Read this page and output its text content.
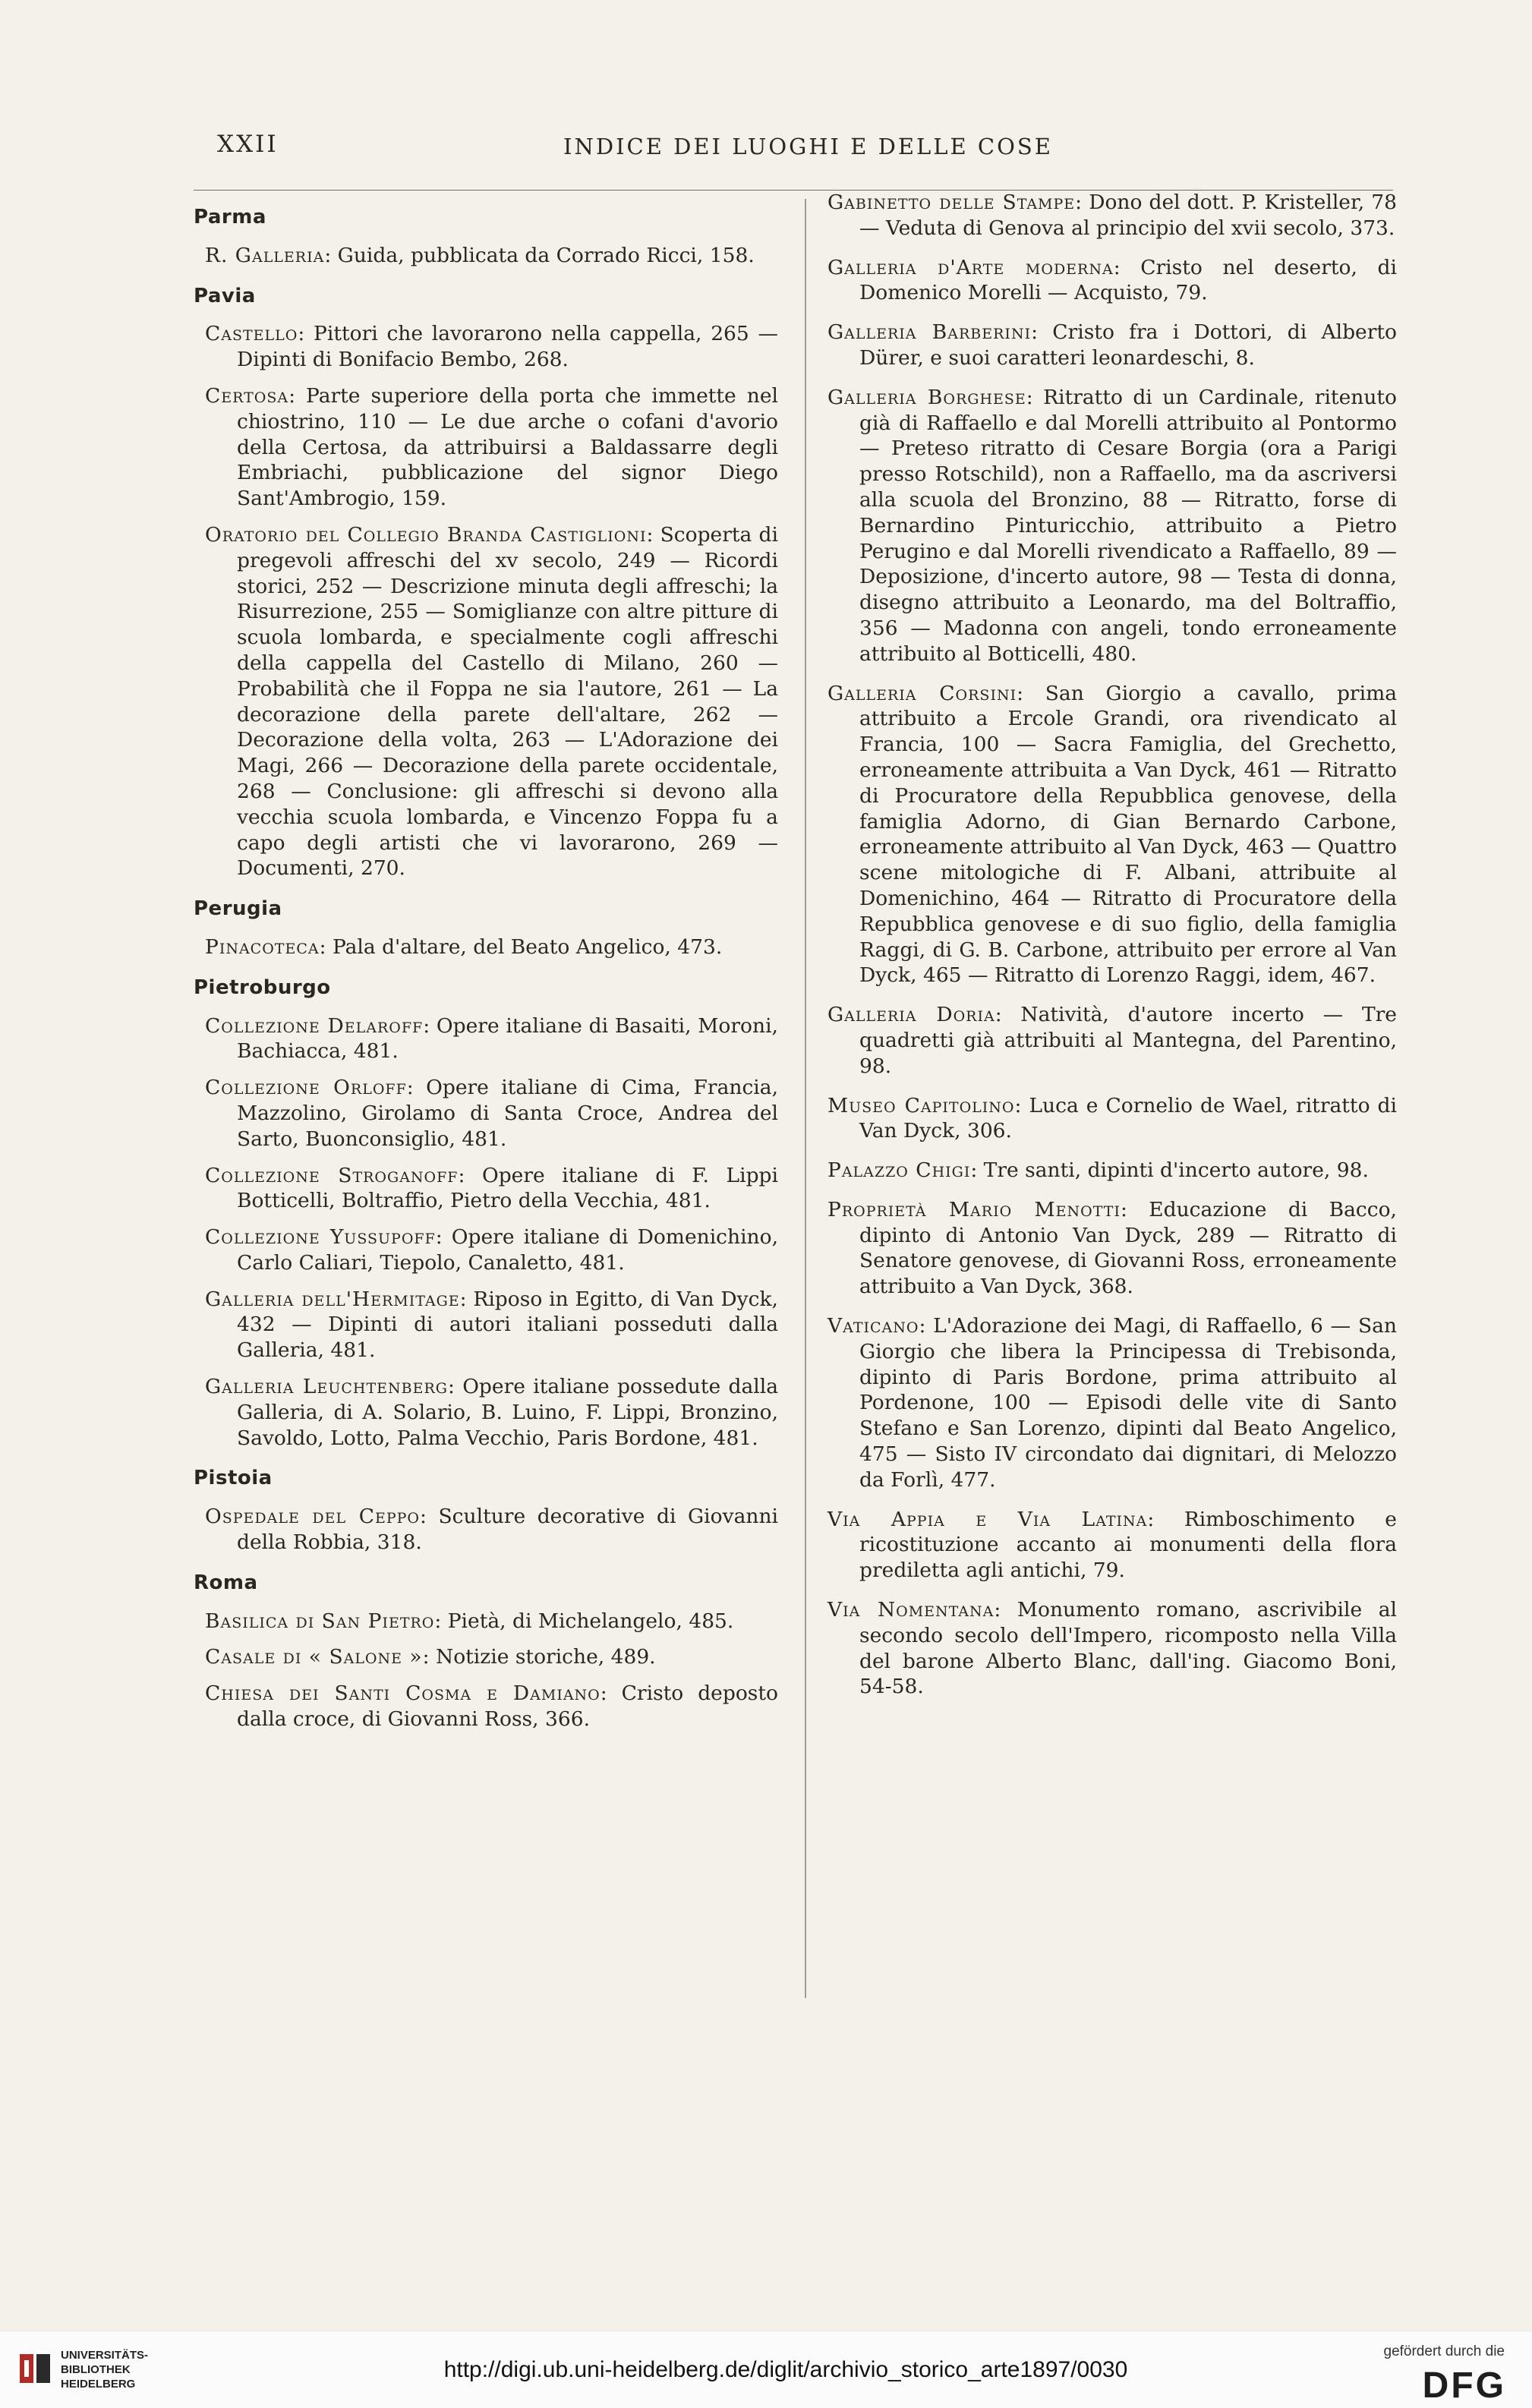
XXII	INDICE DEI LUOGHI E DELLE COSE
Parma

R. Galleria: Guida, pubblicata da Corrado Ricci, 158.

Pavia

Castello: Pittori che lavorarono nella cappella, 265 — Dipinti di Bonifacio Bembo, 268.

Certosa: Parte superiore della porta che immette nel chiostrino, 110 — Le due arche o cofani d'avorio della Certosa, da attribuirsi a Baldassarre degli Embriachi, pubblicazione del signor Diego Sant'Ambrogio, 159.

Oratorio del Collegio Branda Castiglioni: Scoperta di pregevoli affreschi del xv secolo, 249 — Ricordi storici, 252 — Descrizione minuta degli affreschi; la Risurrezione, 255 — Somiglianze con altre pitture di scuola lombarda, e specialmente cogli affreschi della cappella del Castello di Milano, 260 — Probabilità che il Foppa ne sia l'autore, 261 — La decorazione della parete dell'altare, 262 — Decorazione della volta, 263 — L'Adorazione dei Magi, 266 — Decorazione della parete occidentale, 268 — Conclusione: gli affreschi si devono alla vecchia scuola lombarda, e Vincenzo Foppa fu a capo degli artisti che vi lavorarono, 269 — Documenti, 270.

Perugia

Pinacoteca: Pala d'altare, del Beato Angelico, 473.

Pietroburgo

Collezione Delaroff: Opere italiane di Basaiti, Moroni, Bachiacca, 481.

Collezione Orloff: Opere italiane di Cima, Francia, Mazzolino, Girolamo di Santa Croce, Andrea del Sarto, Buonconsiglio, 481.

Collezione Stroganoff: Opere italiane di F. Lippi Botticelli, Boltraffio, Pietro della Vecchia, 481.

Collezione Yussupoff: Opere italiane di Domenichino, Carlo Caliari, Tiepolo, Canaletto, 481.

Galleria dell'Hermitage: Riposo in Egitto, di Van Dyck, 432 — Dipinti di autori italiani posseduti dalla Galleria, 481.

Galleria Leuchtenberg: Opere italiane possedute dalla Galleria, di A. Solario, B. Luino, F. Lippi, Bronzino, Savoldo, Lotto, Palma Vecchio, Paris Bordone, 481.

Pistoia

Ospedale del Ceppo: Sculture decorative di Giovanni della Robbia, 318.

Roma

Basilica di San Pietro: Pietà, di Michelangelo, 485.

Casale di « Salone »: Notizie storiche, 489.

Chiesa dei Santi Cosma e Damiano: Cristo deposto dalla croce, di Giovanni Ross, 366.

Gabinetto delle Stampe: Dono del dott. P. Kristeller, 78 — Veduta di Genova al principio del xvii secolo, 373.

Galleria d'Arte moderna: Cristo nel deserto, di Domenico Morelli — Acquisto, 79.

Galleria Barberini: Cristo fra i Dottori, di Alberto Dürer, e suoi caratteri leonardeschi, 8.

Galleria Borghese: Ritratto di un Cardinale, ritenuto già di Raffaello e dal Morelli attribuito al Pontormo — Preteso ritratto di Cesare Borgia (ora a Parigi presso Rotschild), non a Raffaello, ma da ascriversi alla scuola del Bronzino, 88 — Ritratto, forse di Bernardino Pinturicchio, attribuito a Pietro Perugino e dal Morelli rivendicato a Raffaello, 89 — Deposizione, d'incerto autore, 98 — Testa di donna, disegno attribuito a Leonardo, ma del Boltraffio, 356 — Madonna con angeli, tondo erroneamente attribuito al Botticelli, 480.

Galleria Corsini: San Giorgio a cavallo, prima attribuito a Ercole Grandi, ora rivendicato al Francia, 100 — Sacra Famiglia, del Grechetto, erroneamente attribuita a Van Dyck, 461 — Ritratto di Procuratore della Repubblica genovese, della famiglia Adorno, di Gian Bernardo Carbone, erroneamente attribuito al Van Dyck, 463 — Quattro scene mitologiche di F. Albani, attribuite al Domenichino, 464 — Ritratto di Procuratore della Repubblica genovese e di suo figlio, della famiglia Raggi, di G. B. Carbone, attribuito per errore al Van Dyck, 465 — Ritratto di Lorenzo Raggi, idem, 467.

Galleria Doria: Natività, d'autore incerto — Tre quadretti già attribuiti al Mantegna, del Parentino, 98.

Museo Capitolino: Luca e Cornelio de Wael, ritratto di Van Dyck, 306.

Palazzo Chigi: Tre santi, dipinti d'incerto autore, 98.

Proprietà Mario Menotti: Educazione di Bacco, dipinto di Antonio Van Dyck, 289 — Ritratto di Senatore genovese, di Giovanni Ross, erroneamente attribuito a Van Dyck, 368.

Vaticano: L'Adorazione dei Magi, di Raffaello, 6 — San Giorgio che libera la Principessa di Trebisonda, dipinto di Paris Bordone, prima attribuito al Pordenone, 100 — Episodi delle vite di Santo Stefano e San Lorenzo, dipinti dal Beato Angelico, 475 — Sisto IV circondato dai dignitari, di Melozzo da Forlì, 477.

Via Appia e Via Latina: Rimboschimento e ricostituzione accanto ai monumenti della flora prediletta agli antichi, 79.

Via Nomentana: Monumento romano, ascrivibile al secondo secolo dell'Impero, ricomposto nella Villa del barone Alberto Blanc, dall'ing. Giacomo Boni, 54-58.

UNIVERSITÄTS-
BIBLIOTHEK
HEIDELBERG
http://digi.ub.uni-heidelberg.de/diglit/archivio_storico_arte1897/0030
gefördert durch die
DFG
